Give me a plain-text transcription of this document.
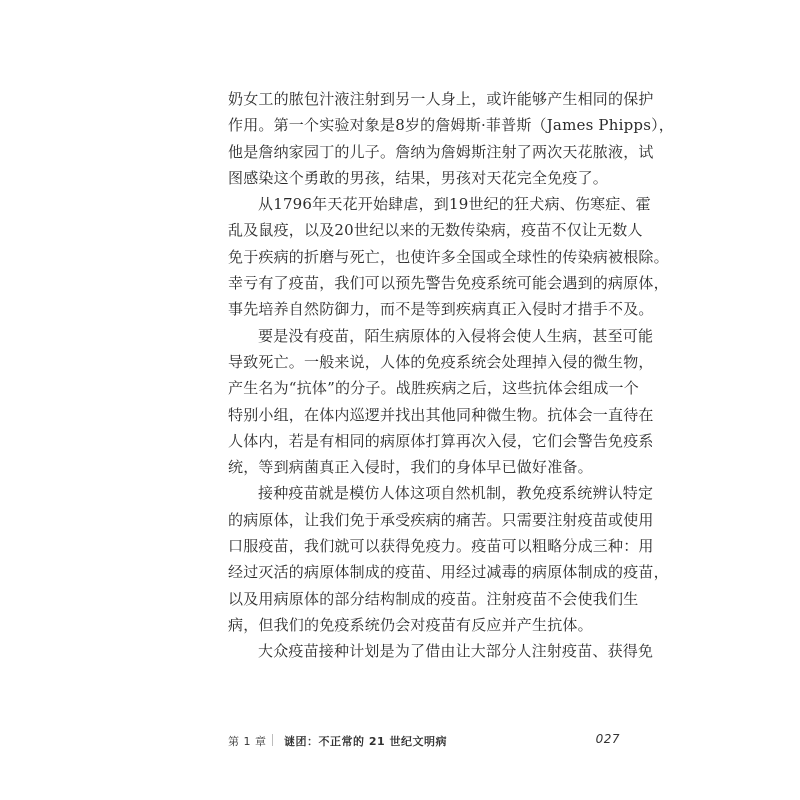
奶女工的脓包汁液注射到另一人身上，或许能够产生相同的保护
作用。第一个实验对象是8岁的詹姆斯·菲普斯（James Phipps），
他是詹纳家园丁的儿子。詹纳为詹姆斯注射了两次天花脓液，试
图感染这个勇敢的男孩，结果，男孩对天花完全免疫了。
从1796年天花开始肆虐，到19世纪的狂犬病、伤寒症、霍
乱及鼠疫，以及20世纪以来的无数传染病，疫苗不仅让无数人
免于疾病的折磨与死亡，也使许多全国或全球性的传染病被根除。
幸亏有了疫苗，我们可以预先警告免疫系统可能会遇到的病原体，
事先培养自然防御力，而不是等到疾病真正入侵时才措手不及。
要是没有疫苗，陌生病原体的入侵将会使人生病，甚至可能
导致死亡。一般来说，人体的免疫系统会处理掉入侵的微生物，
产生名为“抗体”的分子。战胜疾病之后，这些抗体会组成一个
特别小组，在体内巡逻并找出其他同种微生物。抗体会一直待在
人体内，若是有相同的病原体打算再次入侵，它们会警告免疫系
统，等到病菌真正入侵时，我们的身体早已做好准备。
接种疫苗就是模仿人体这项自然机制，教免疫系统辨认特定
的病原体，让我们免于承受疾病的痛苦。只需要注射疫苗或使用
口服疫苗，我们就可以获得免疫力。疫苗可以粗略分成三种：用
经过灭活的病原体制成的疫苗、用经过减毒的病原体制成的疫苗，
以及用病原体的部分结构制成的疫苗。注射疫苗不会使我们生
病，但我们的免疫系统仍会对疫苗有反应并产生抗体。
大众疫苗接种计划是为了借由让大部分人注射疫苗、获得免
第 1 章 谜团：不正常的 21 世纪文明病	027
